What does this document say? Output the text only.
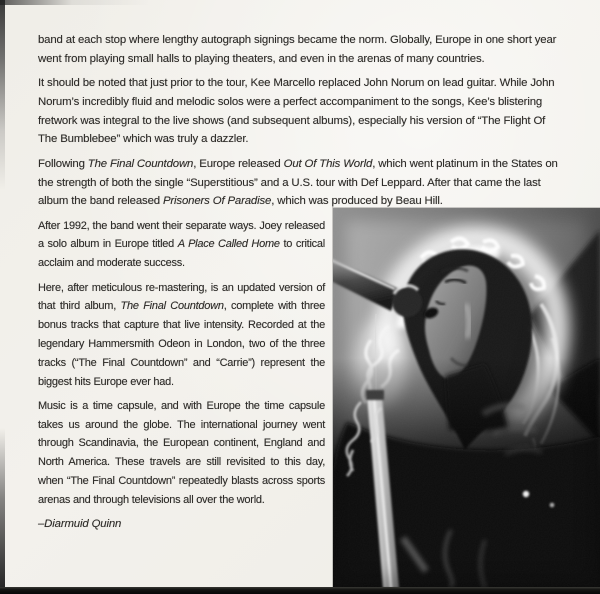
band at each stop where lengthy autograph signings became the norm. Globally, Europe in one short year went from playing small halls to playing theaters, and even in the arenas of many countries.

It should be noted that just prior to the tour, Kee Marcello replaced John Norum on lead guitar. While John Norum’s incredibly fluid and melodic solos were a perfect accompaniment to the songs, Kee’s blistering fretwork was integral to the live shows (and subsequent albums), especially his version of “The Flight Of The Bumblebee” which was truly a dazzler.

Following The Final Countdown, Europe released Out Of This World, which went platinum in the States on the strength of both the single “Superstitious” and a U.S. tour with Def Leppard. After that came the last album the band released Prisoners Of Paradise, which was produced by Beau Hill.

After 1992, the band went their separate ways. Joey released a solo album in Europe titled A Place Called Home to critical acclaim and moderate success.

Here, after meticulous re-mastering, is an updated version of that third album, The Final Countdown, complete with three bonus tracks that capture that live intensity. Recorded at the legendary Hammersmith Odeon in London, two of the three tracks (“The Final Countdown” and “Carrie”) represent the biggest hits Europe ever had.

Music is a time capsule, and with Europe the time capsule takes us around the globe. The international journey went through Scandinavia, the European continent, England and North America. These travels are still revisited to this day, when “The Final Countdown” repeatedly blasts across sports arenas and through televisions all over the world.

–Diarmuid Quinn
